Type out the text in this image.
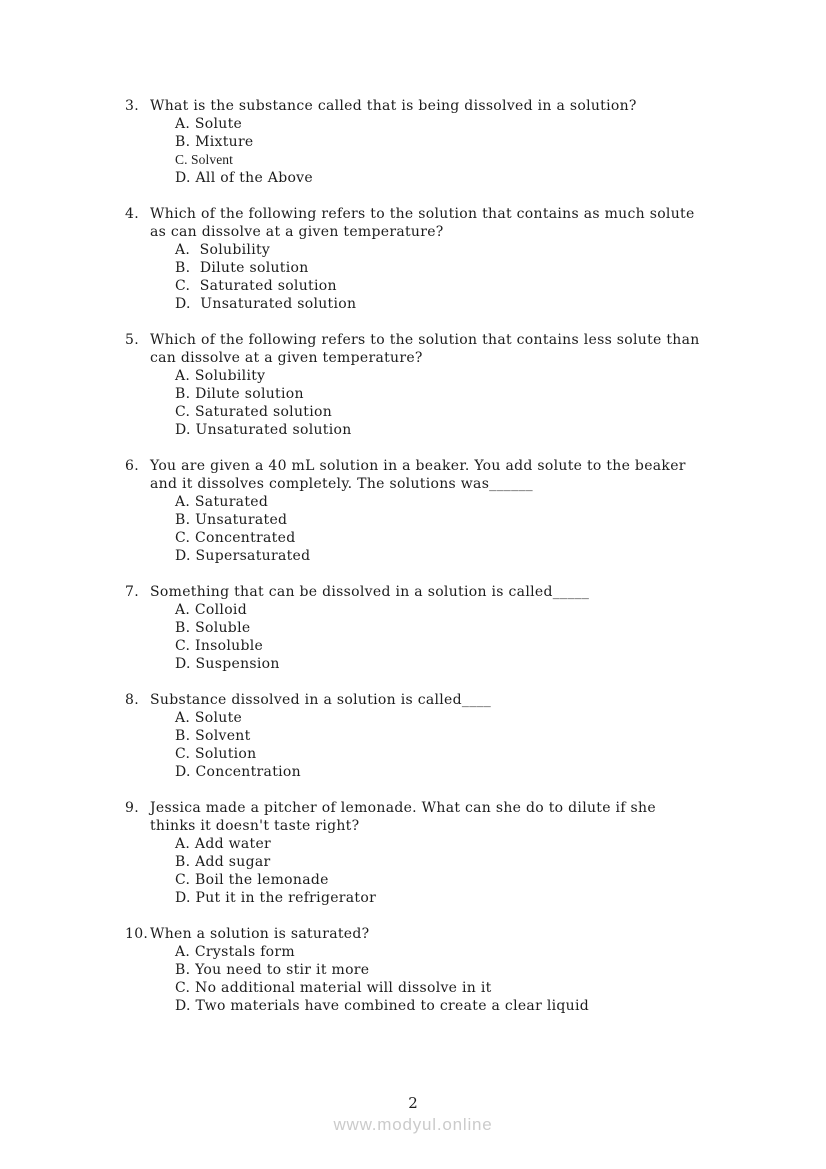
3. What is the substance called that is being dissolved in a solution?
A. Solute
B. Mixture
C. Solvent
D. All of the Above
4. Which of the following refers to the solution that contains as much solute as can dissolve at a given temperature?
A.  Solubility
B.  Dilute solution
C.  Saturated solution
D.  Unsaturated solution
5. Which of the following refers to the solution that contains less solute than can dissolve at a given temperature?
A. Solubility
B. Dilute solution
C. Saturated solution
D. Unsaturated solution
6. You are given a 40 mL solution in a beaker. You add solute to the beaker and it dissolves completely. The solutions was______
A. Saturated
B. Unsaturated
C. Concentrated
D. Supersaturated
7. Something that can be dissolved in a solution is called_____
A. Colloid
B. Soluble
C. Insoluble
D. Suspension
8. Substance dissolved in a solution is called____
A. Solute
B. Solvent
C. Solution
D. Concentration
9. Jessica made a pitcher of lemonade. What can she do to dilute if she thinks it doesn't taste right?
A. Add water
B. Add sugar
C. Boil the lemonade
D. Put it in the refrigerator
10. When a solution is saturated?
A. Crystals form
B. You need to stir it more
C. No additional material will dissolve in it
D. Two materials have combined to create a clear liquid
2
www.modyul.online
